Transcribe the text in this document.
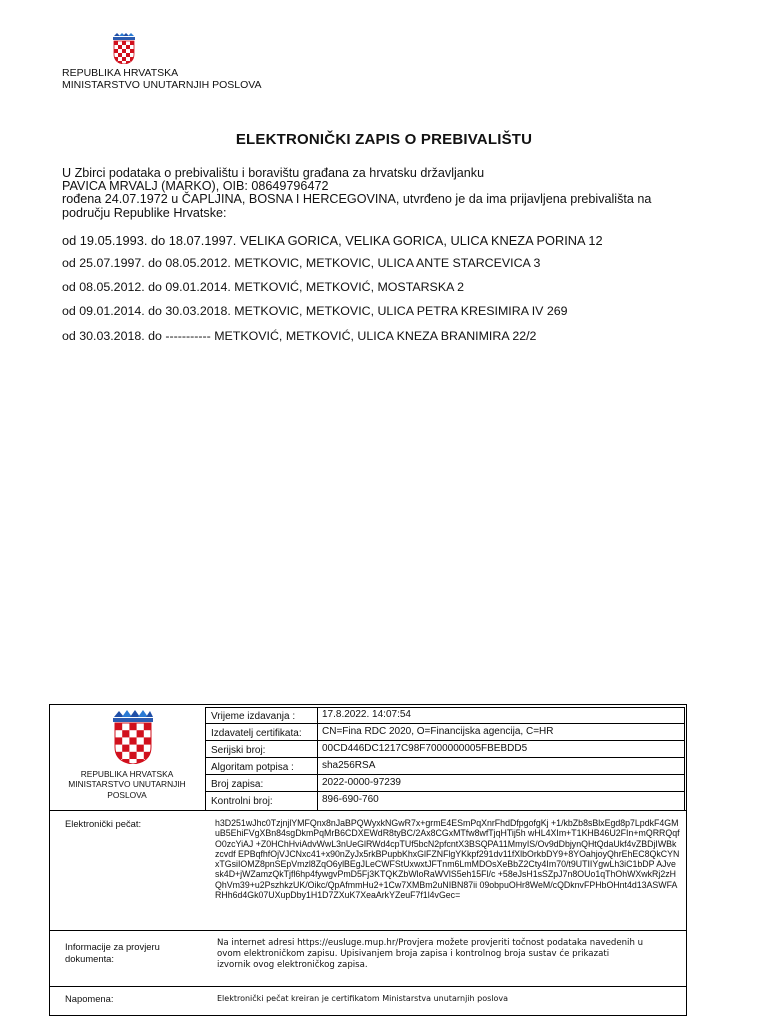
REPUBLIKA HRVATSKA
MINISTARSTVO UNUTARNJIH POSLOVA
ELEKTRONIČKI ZAPIS O PREBIVALIŠTU
U Zbirci podataka o prebivalištu i boravištu građana za hrvatsku državljanku
PAVICA MRVALJ (MARKO), OIB: 08649796472
rođena 24.07.1972 u ČAPLJINA, BOSNA I HERCEGOVINA, utvrđeno je da ima prijavljena prebivališta na
području Republike Hrvatske:
od 19.05.1993. do 18.07.1997. VELIKA GORICA, VELIKA GORICA, ULICA KNEZA PORINA 12
od 25.07.1997. do 08.05.2012. METKOVIC, METKOVIC, ULICA ANTE STARCEVICA 3
od 08.05.2012. do 09.01.2014. METKOVIĆ, METKOVIĆ, MOSTARSKA 2
od 09.01.2014. do 30.03.2018. METKOVIC, METKOVIC, ULICA PETRA KRESIMIRA IV 269
od 30.03.2018. do ----------- METKOVIĆ, METKOVIĆ, ULICA KNEZA BRANIMIRA 22/2
Vrijeme izdavanja :	17.8.2022. 14:07:54
Izdavatelj certifikata: CN=Fina RDC 2020, O=Financijska agencija, C=HR
Serijski broj:	00CD446DC1217C98F7000000005FBEBDD5
Algoritam potpisa :	sha256RSA
Broj zapisa:	2022-0000-97239
Kontrolni broj:	896-690-760
REPUBLIKA HRVATSKA
MINISTARSTVO UNUTARNJIH
POSLOVA
Elektronički pečat:	h3D251wJhc0TzjnjlYMFQnx8nJaBPQWyxkNGwR7x+grmE4ESmPqXnrFhdDfpgofgKj +1/kbZb8sBlxEgd8p7LpdkF4GMuB5EhiFVgXBn84sgDkmPqMrB6CDXEWdR8tyBC/2Ax8CGxMTfw8wfTjqHTij5h wHL4XIm+T1KHB46U2FIn+mQRRQqfO0zcYiAJ +Z0HChHviAdvWwL3nUeGlRWd4cpTUf5bcN2pfcntX3BSQPA11MmyIS/Ov9dDbjynQHtQdaUkf4vZBDjIWBkzcvdf EPBqfhfOjVJCNxc41+x90nZyJx5rkBPupbKhxGlFZNFlgYKkpf291dv11fXlbOrkbDY9+8YOahjoyQhrEhEC8QkCYN xTGsiIOMZ8pnSEpVmzl8ZqO6ylBEgJLeCWFStUxwxtJFTnm6LmMDOsXeBbZ2Cty4Im70/t9UTIIYgwLh3iC1bDP AJvesk4D+jWZamzQkTjfl6hp4fywgvPmD5Fj3KTQKZbWloRaWVlS5eh15Fl/c +58eJsH1sSZpJ7n8OUo1qThOhWXwkRj2zHQhVm39+u2PszhkzUK/Oikc/QpAfmmHu2+1Cw7XMBm2uNIBN87ii 09obpuOHr8WeM/cQDknvFPHbOHnt4d13ASWFARHh6d4Gk07UXupDby1H1D7ZXuK7XeaArkYZeuF7f1l4vGec=
Informacije za provjeru
dokumenta:
Na internet adresi https://eusluge.mup.hr/Provjera možete provjeriti točnost podataka navedenih u
ovom elektroničkom zapisu. Upisivanjem broja zapisa i kontrolnog broja sustav će prikazati
izvornik ovog elektroničkog zapisa.
Napomena:	Elektronički pečat kreiran je certifikatom Ministarstva unutarnjih poslova
